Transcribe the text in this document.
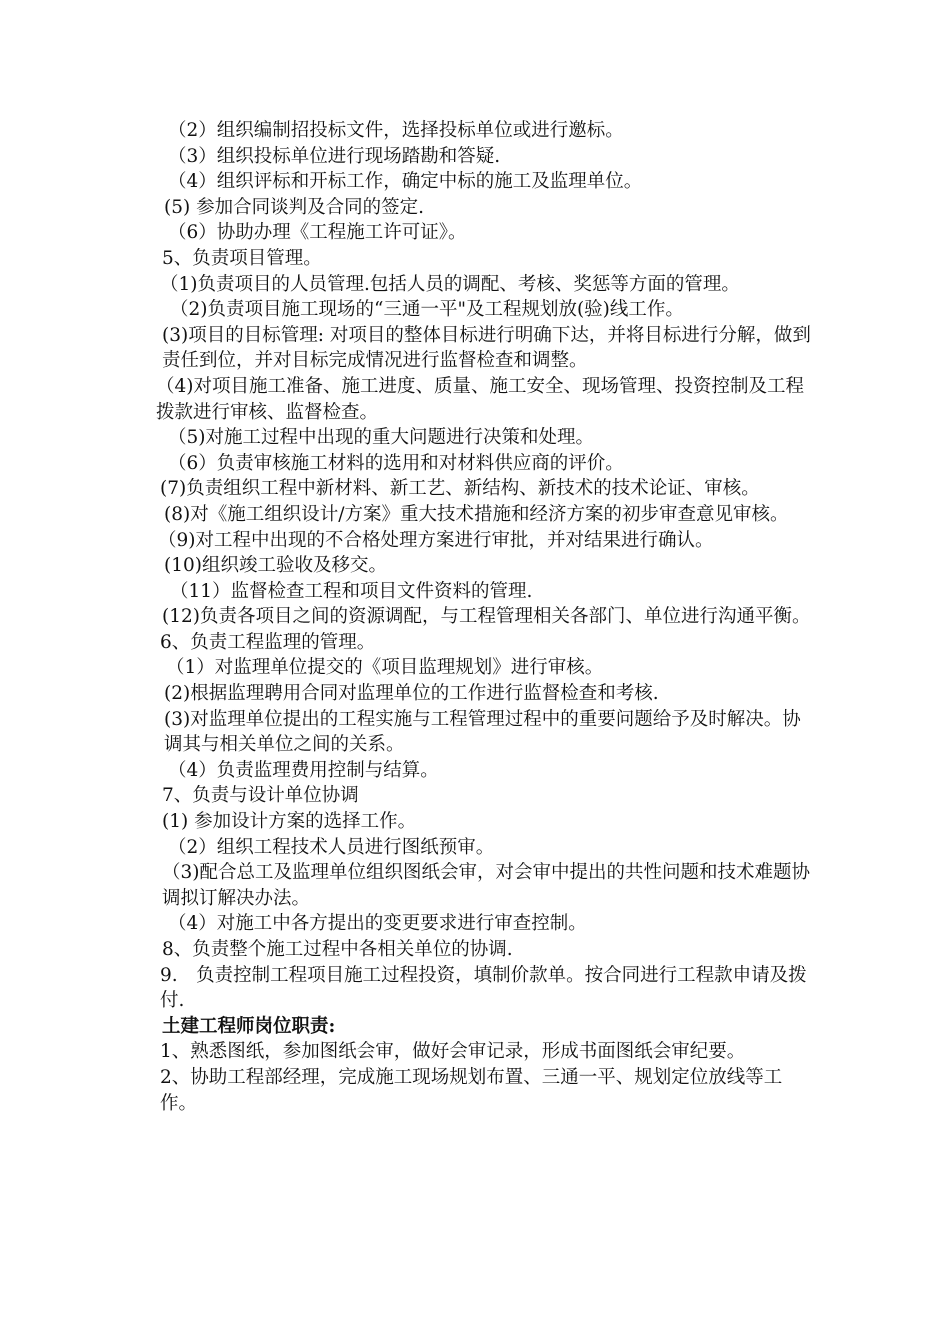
（2）组织编制招投标文件，选择投标单位或进行邀标。

（3）组织投标单位进行现场踏勘和答疑.

（4）组织评标和开标工作，确定中标的施工及监理单位。

(5) 参加合同谈判及合同的签定.

（6）协助办理《工程施工许可证》。

5、负责项目管理。

（1)负责项目的人员管理.包括人员的调配、考核、奖惩等方面的管理。

（2)负责项目施工现场的“三通一平"及工程规划放(验)线工作。

(3)项目的目标管理: 对项目的整体目标进行明确下达，并将目标进行分解，做到责任到位，并对目标完成情况进行监督检查和调整。

（4)对项目施工准备、施工进度、质量、施工安全、现场管理、投资控制及工程拨款进行审核、监督检查。

（5)对施工过程中出现的重大问题进行决策和处理。

（6）负责审核施工材料的选用和对材料供应商的评价。

(7)负责组织工程中新材料、新工艺、新结构、新技术的技术论证、审核。

(8)对《施工组织设计/方案》重大技术措施和经济方案的初步审查意见审核。

（9)对工程中出现的不合格处理方案进行审批，并对结果进行确认。

(10)组织竣工验收及移交。

（11）监督检查工程和项目文件资料的管理.

(12)负责各项目之间的资源调配，与工程管理相关各部门、单位进行沟通平衡。

6、负责工程监理的管理。

（1）对监理单位提交的《项目监理规划》进行审核。

(2)根据监理聘用合同对监理单位的工作进行监督检查和考核.

(3)对监理单位提出的工程实施与工程管理过程中的重要问题给予及时解决。协调其与相关单位之间的关系。

（4）负责监理费用控制与结算。

7、负责与设计单位协调

(1) 参加设计方案的选择工作。

（2）组织工程技术人员进行图纸预审。

（3)配合总工及监理单位组织图纸会审，对会审中提出的共性问题和技术难题协调拟订解决办法。

（4）对施工中各方提出的变更要求进行审查控制。

8、负责整个施工过程中各相关单位的协调.

9.　负责控制工程项目施工过程投资，填制价款单。按合同进行工程款申请及拨付.

土建工程师岗位职责:

1、熟悉图纸，参加图纸会审，做好会审记录，形成书面图纸会审纪要。

2、协助工程部经理，完成施工现场规划布置、三通一平、规划定位放线等工作。
